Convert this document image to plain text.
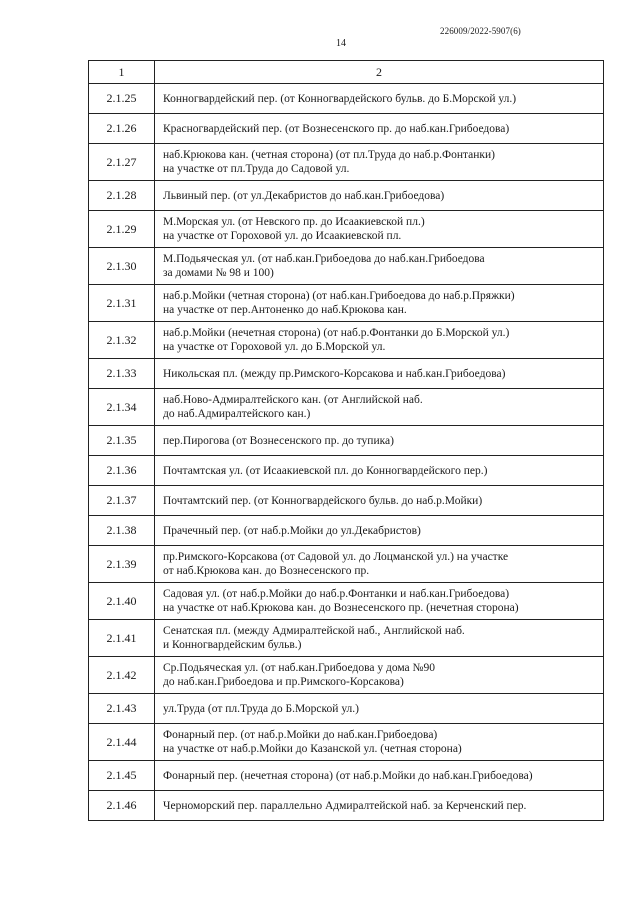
226009/2022-5907(6)
14
1	2
2.1.25	Конногвардейский пер. (от Конногвардейского бульв. до Б.Морской ул.)

2.1.26	Красногвардейский пер. (от Вознесенского пр. до наб.кан.Грибоедова)

2.1.27	наб.Крюкова кан. (четная сторона) (от пл.Труда до наб.р.Фонтанки)
на участке от пл.Труда до Садовой ул.

2.1.28	Львиный пер. (от ул.Декабристов до наб.кан.Грибоедова)

2.1.29	М.Морская ул. (от Невского пр. до Исаакиевской пл.)
на участке от Гороховой ул. до Исаакиевской пл.

2.1.30	М.Подьяческая ул. (от наб.кан.Грибоедова до наб.кан.Грибоедова
за домами № 98 и 100)

2.1.31	наб.р.Мойки (четная сторона) (от наб.кан.Грибоедова до наб.р.Пряжки)
на участке от пер.Антоненко до наб.Крюкова кан.

2.1.32	наб.р.Мойки (нечетная сторона) (от наб.р.Фонтанки до Б.Морской ул.)
на участке от Гороховой ул. до Б.Морской ул.

2.1.33	Никольская пл. (между пр.Римского-Корсакова и наб.кан.Грибоедова)

2.1.34	наб.Ново-Адмиралтейского кан. (от Английской наб.
до наб.Адмиралтейского кан.)

2.1.35	пер.Пирогова (от Вознесенского пр. до тупика)

2.1.36	Почтамтская ул. (от Исаакиевской пл. до Конногвардейского пер.)

2.1.37	Почтамтский пер. (от Конногвардейского бульв. до наб.р.Мойки)

2.1.38	Прачечный пер. (от наб.р.Мойки до ул.Декабристов)

2.1.39	пр.Римского-Корсакова (от Садовой ул. до Лоцманской ул.) на участке
от наб.Крюкова кан. до Вознесенского пр.

2.1.40	Садовая ул. (от наб.р.Мойки до наб.р.Фонтанки и наб.кан.Грибоедова)
на участке от наб.Крюкова кан. до Вознесенского пр. (нечетная сторона)

2.1.41	Сенатская пл. (между Адмиралтейской наб., Английской наб.
и Конногвардейским бульв.)

2.1.42	Ср.Подьяческая ул. (от наб.кан.Грибоедова у дома №90
до наб.кан.Грибоедова и пр.Римского-Корсакова)

2.1.43	ул.Труда (от пл.Труда до Б.Морской ул.)

2.1.44	Фонарный пер. (от наб.р.Мойки до наб.кан.Грибоедова)
на участке от наб.р.Мойки до Казанской ул. (четная сторона)

2.1.45	Фонарный пер. (нечетная сторона) (от наб.р.Мойки до наб.кан.Грибоедова)

2.1.46	Черноморский пер. параллельно Адмиралтейской наб. за Керченский пер.
